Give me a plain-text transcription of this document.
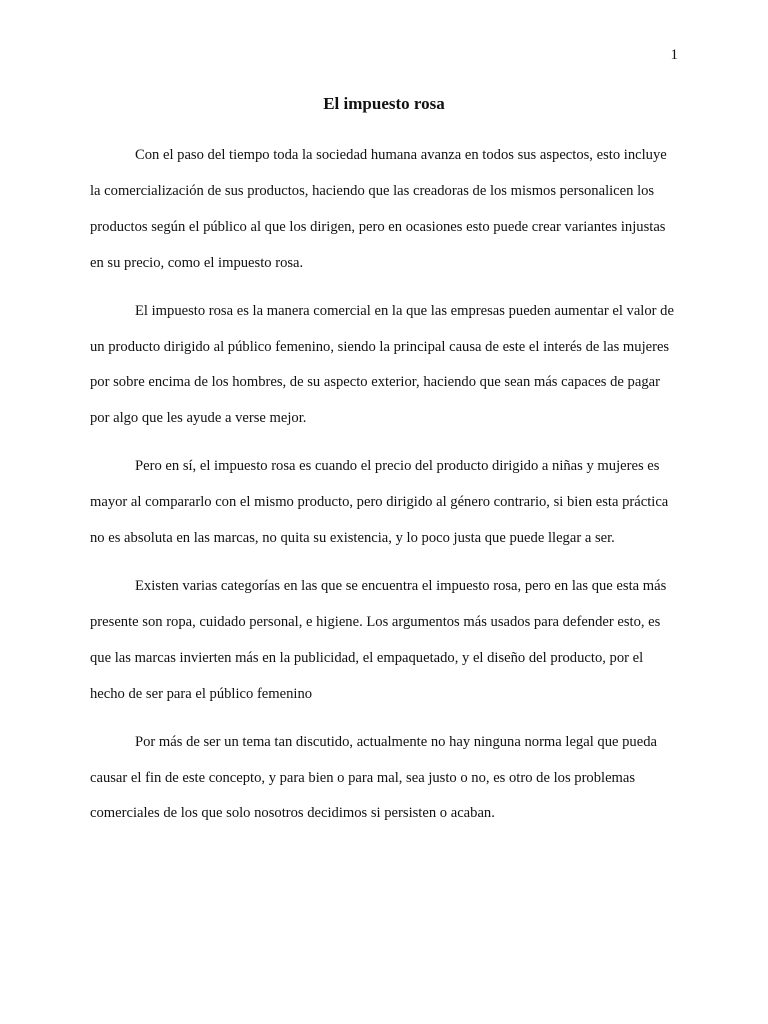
1
El impuesto rosa

Con el paso del tiempo toda la sociedad humana avanza en todos sus aspectos, esto incluye la comercialización de sus productos, haciendo que las creadoras de los mismos personalicen los productos según el público al que los dirigen, pero en ocasiones esto puede crear variantes injustas en su precio, como el impuesto rosa.

El impuesto rosa es la manera comercial en la que las empresas pueden aumentar el valor de un producto dirigido al público femenino, siendo la principal causa de este el interés de las mujeres por sobre encima de los hombres, de su aspecto exterior, haciendo que sean más capaces de pagar por algo que les ayude a verse mejor.

Pero en sí, el impuesto rosa es cuando el precio del producto dirigido a niñas y mujeres es mayor al compararlo con el mismo producto, pero dirigido al género contrario, si bien esta práctica no es absoluta en las marcas, no quita su existencia, y lo poco justa que puede llegar a ser.

Existen varias categorías en las que se encuentra el impuesto rosa, pero en las que esta más presente son ropa, cuidado personal, e higiene. Los argumentos más usados para defender esto, es que las marcas invierten más en la publicidad, el empaquetado, y el diseño del producto, por el hecho de ser para el público femenino

Por más de ser un tema tan discutido, actualmente no hay ninguna norma legal que pueda causar el fin de este concepto, y para bien o para mal, sea justo o no, es otro de los problemas comerciales de los que solo nosotros decidimos si persisten o acaban.
